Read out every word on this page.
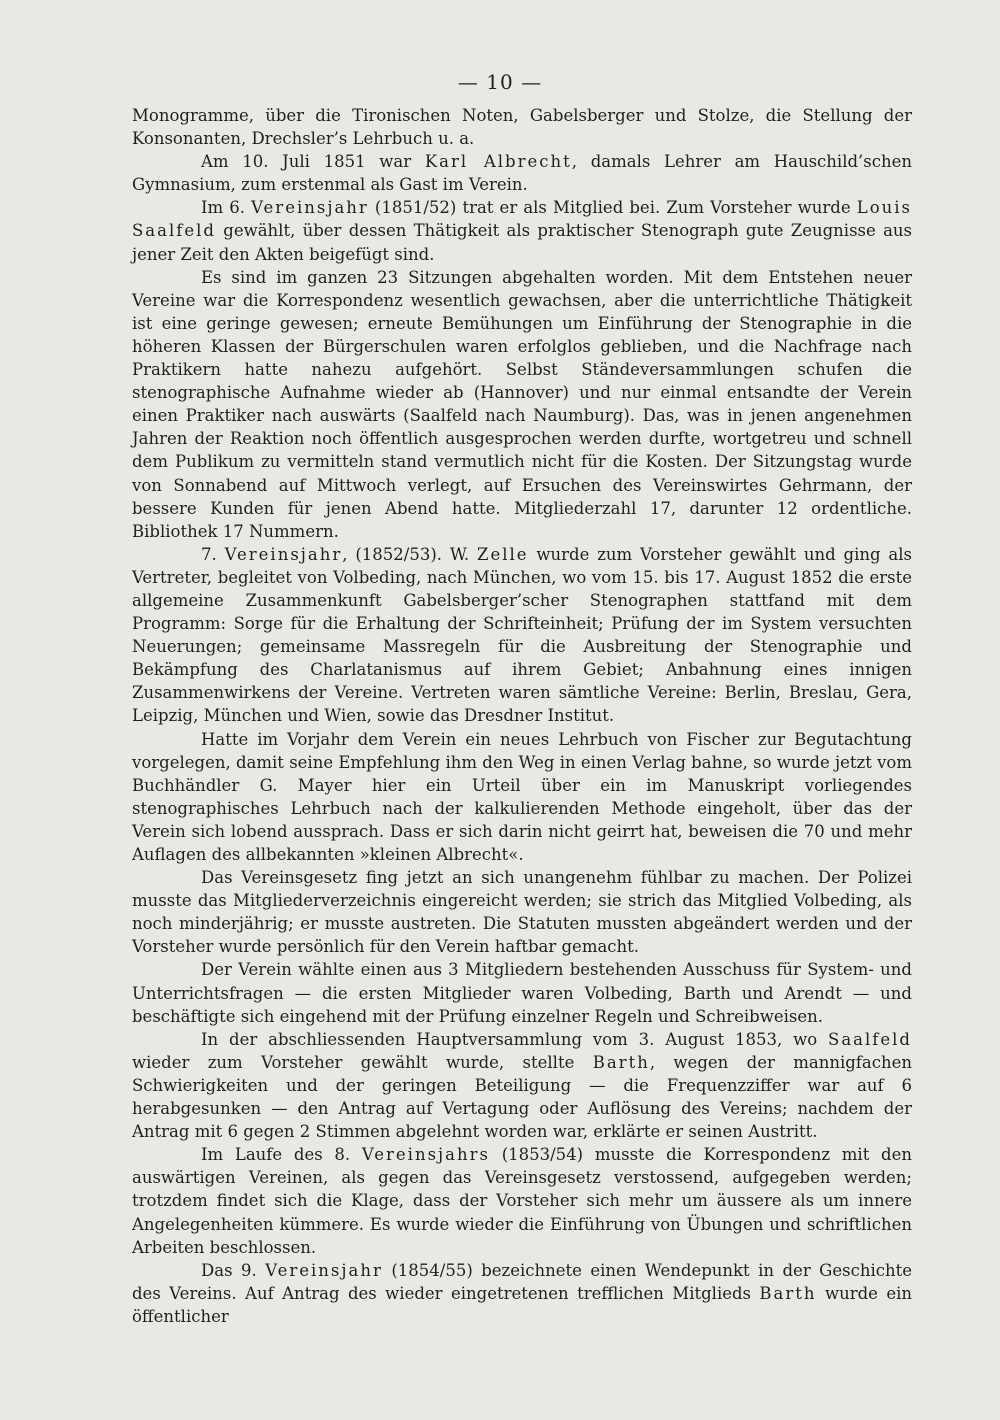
— 10 —

Monogramme, über die Tironischen Noten, Gabelsberger und Stolze, die Stellung der Konsonanten, Drechsler’s Lehrbuch u. a.

Am 10. Juli 1851 war Karl Albrecht, damals Lehrer am Hauschild’schen Gymnasium, zum erstenmal als Gast im Verein.

Im 6. Vereinsjahr (1851/52) trat er als Mitglied bei. Zum Vorsteher wurde Louis Saalfeld gewählt, über dessen Thätigkeit als praktischer Stenograph gute Zeugnisse aus jener Zeit den Akten beigefügt sind.

Es sind im ganzen 23 Sitzungen abgehalten worden. Mit dem Entstehen neuer Vereine war die Korrespondenz wesentlich gewachsen, aber die unterrichtliche Thätigkeit ist eine geringe gewesen; erneute Bemühungen um Einführung der Stenographie in die höheren Klassen der Bürgerschulen waren erfolglos geblieben, und die Nachfrage nach Praktikern hatte nahezu aufgehört. Selbst Ständeversammlungen schufen die stenographische Aufnahme wieder ab (Hannover) und nur einmal entsandte der Verein einen Praktiker nach auswärts (Saalfeld nach Naumburg). Das, was in jenen angenehmen Jahren der Reaktion noch öffentlich ausgesprochen werden durfte, wortgetreu und schnell dem Publikum zu vermitteln stand vermutlich nicht für die Kosten. Der Sitzungstag wurde von Sonnabend auf Mittwoch verlegt, auf Ersuchen des Vereinswirtes Gehrmann, der bessere Kunden für jenen Abend hatte. Mitgliederzahl 17, darunter 12 ordentliche. Bibliothek 17 Nummern.

7. Vereinsjahr, (1852/53). W. Zelle wurde zum Vorsteher gewählt und ging als Vertreter, begleitet von Volbeding, nach München, wo vom 15. bis 17. August 1852 die erste allgemeine Zusammenkunft Gabelsberger’scher Stenographen stattfand mit dem Programm: Sorge für die Erhaltung der Schrifteinheit; Prüfung der im System versuchten Neuerungen; gemeinsame Massregeln für die Ausbreitung der Stenographie und Bekämpfung des Charlatanismus auf ihrem Gebiet; Anbahnung eines innigen Zusammenwirkens der Vereine. Vertreten waren sämtliche Vereine: Berlin, Breslau, Gera, Leipzig, München und Wien, sowie das Dresdner Institut.

Hatte im Vorjahr dem Verein ein neues Lehrbuch von Fischer zur Begutachtung vorgelegen, damit seine Empfehlung ihm den Weg in einen Verlag bahne, so wurde jetzt vom Buchhändler G. Mayer hier ein Urteil über ein im Manuskript vorliegendes stenographisches Lehrbuch nach der kalkulierenden Methode eingeholt, über das der Verein sich lobend aussprach. Dass er sich darin nicht geirrt hat, beweisen die 70 und mehr Auflagen des allbekannten »kleinen Albrecht«.

Das Vereinsgesetz fing jetzt an sich unangenehm fühlbar zu machen. Der Polizei musste das Mitgliederverzeichnis eingereicht werden; sie strich das Mitglied Volbeding, als noch minderjährig; er musste austreten. Die Statuten mussten abgeändert werden und der Vorsteher wurde persönlich für den Verein haftbar gemacht.

Der Verein wählte einen aus 3 Mitgliedern bestehenden Ausschuss für System- und Unterrichtsfragen — die ersten Mitglieder waren Volbeding, Barth und Arendt — und beschäftigte sich eingehend mit der Prüfung einzelner Regeln und Schreibweisen.

In der abschliessenden Hauptversammlung vom 3. August 1853, wo Saalfeld wieder zum Vorsteher gewählt wurde, stellte Barth, wegen der mannigfachen Schwierigkeiten und der geringen Beteiligung — die Frequenzziffer war auf 6 herabgesunken — den Antrag auf Vertagung oder Auflösung des Vereins; nachdem der Antrag mit 6 gegen 2 Stimmen abgelehnt worden war, erklärte er seinen Austritt.

Im Laufe des 8. Vereinsjahrs (1853/54) musste die Korrespondenz mit den auswärtigen Vereinen, als gegen das Vereinsgesetz verstossend, aufgegeben werden; trotzdem findet sich die Klage, dass der Vorsteher sich mehr um äussere als um innere Angelegenheiten kümmere. Es wurde wieder die Einführung von Übungen und schriftlichen Arbeiten beschlossen.

Das 9. Vereinsjahr (1854/55) bezeichnete einen Wendepunkt in der Geschichte des Vereins. Auf Antrag des wieder eingetretenen trefflichen Mitglieds Barth wurde ein öffentlicher
